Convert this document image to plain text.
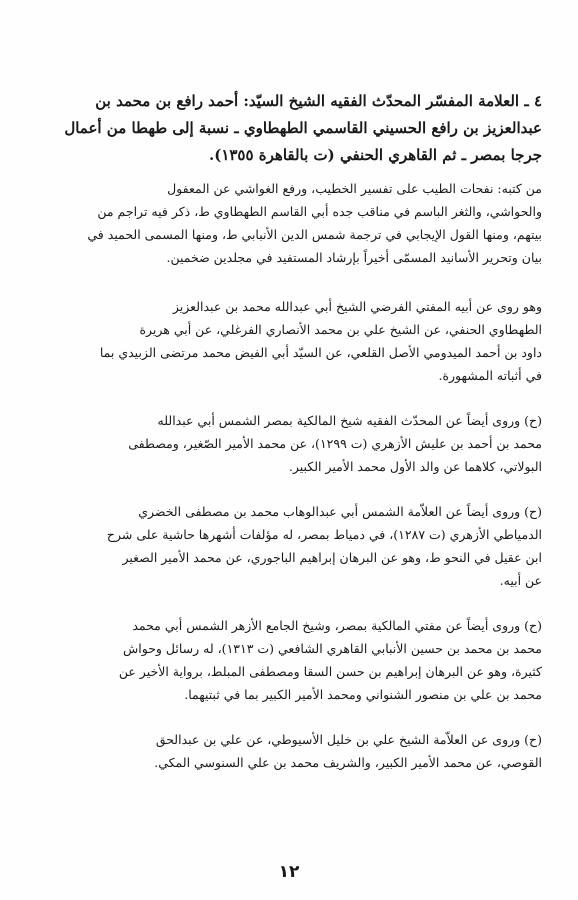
٤ ـ العلامة المفسّر المحدّث الفقيه الشيخ السيّد: أحمد رافع بن محمد بن
عبدالعزيز بن رافع الحسيني القاسمي الطهطاوي ـ نسبة إلى طهطا من أعمال
جرجا بمصر ـ ثم القاهري الحنفي (ت بالقاهرة ١٣٥٥).
من كتبه: نفحات الطيب على تفسير الخطيب، ورفع الغواشي عن المعفول
والحواشي، والثغر الباسم في مناقب جده أبي القاسم الطهطاوي ط، ذكر فيه تراجم من
بيتهم، ومنها القول الإيجابي في ترجمة شمس الدين الأنبابي ط، ومنها المسمى الحميد في
بيان وتحرير الأسانيد المسمّى أخيراً بإرشاد المستفيد في مجلدين ضخمين.
وهو روى عن أبيه المفتي الفرضي الشيخ أبي عبدالله محمد بن عبدالعزيز
الطهطاوي الحنفي، عن الشيخ علي بن محمد الأنصاري الفرغلي، عن أبي هريرة
داود بن أحمد الميدومي الأصل القلعي، عن السيّد أبي الفيض محمد مرتضى الزبيدي بما
في أثباته المشهورة.
(ح) وروى أيضاً عن المحدّث الفقيه شيخ المالكية بمصر الشمس أبي عبدالله
محمد بن أحمد بن عليش الأزهري (ت ١٢٩٩)، عن محمد الأمير الصّغير، ومصطفى
البولاتي، كلاهما عن والد الأول محمد الأمير الكبير.
(ح) وروى أيضاً عن العلاّمة الشمس أبي عبدالوهاب محمد بن مصطفى الخضري
الدمياطي الأزهري (ت ١٢٨٧)، في دمياط بمصر، له مؤلفات أشهرها حاشية على شرح
ابن عقيل في النحو ط، وهو عن البرهان إبراهيم الباجوري، عن محمد الأمير الصغير
عن أبيه.
(ح) وروى أيضاً عن مفتي المالكية بمصر، وشيخ الجامع الأزهر الشمس أبي محمد
محمد بن محمد بن حسين الأنبابي القاهري الشافعي (ت ١٣١٣)، له رسائل وحواش
كثيرة، وهو عن البرهان إبراهيم بن حسن السقا ومصطفى المبلط، برواية الأخير عن
محمد بن علي بن منصور الشنواني ومحمد الأمير الكبير بما في ثبتيهما.
(ح) وروى عن العلاّمة الشيخ علي بن خليل الأسيوطي، عن علي بن عبدالحق
القوصي، عن محمد الأمير الكبير، والشريف محمد بن علي السنوسي المكي.
١٢
